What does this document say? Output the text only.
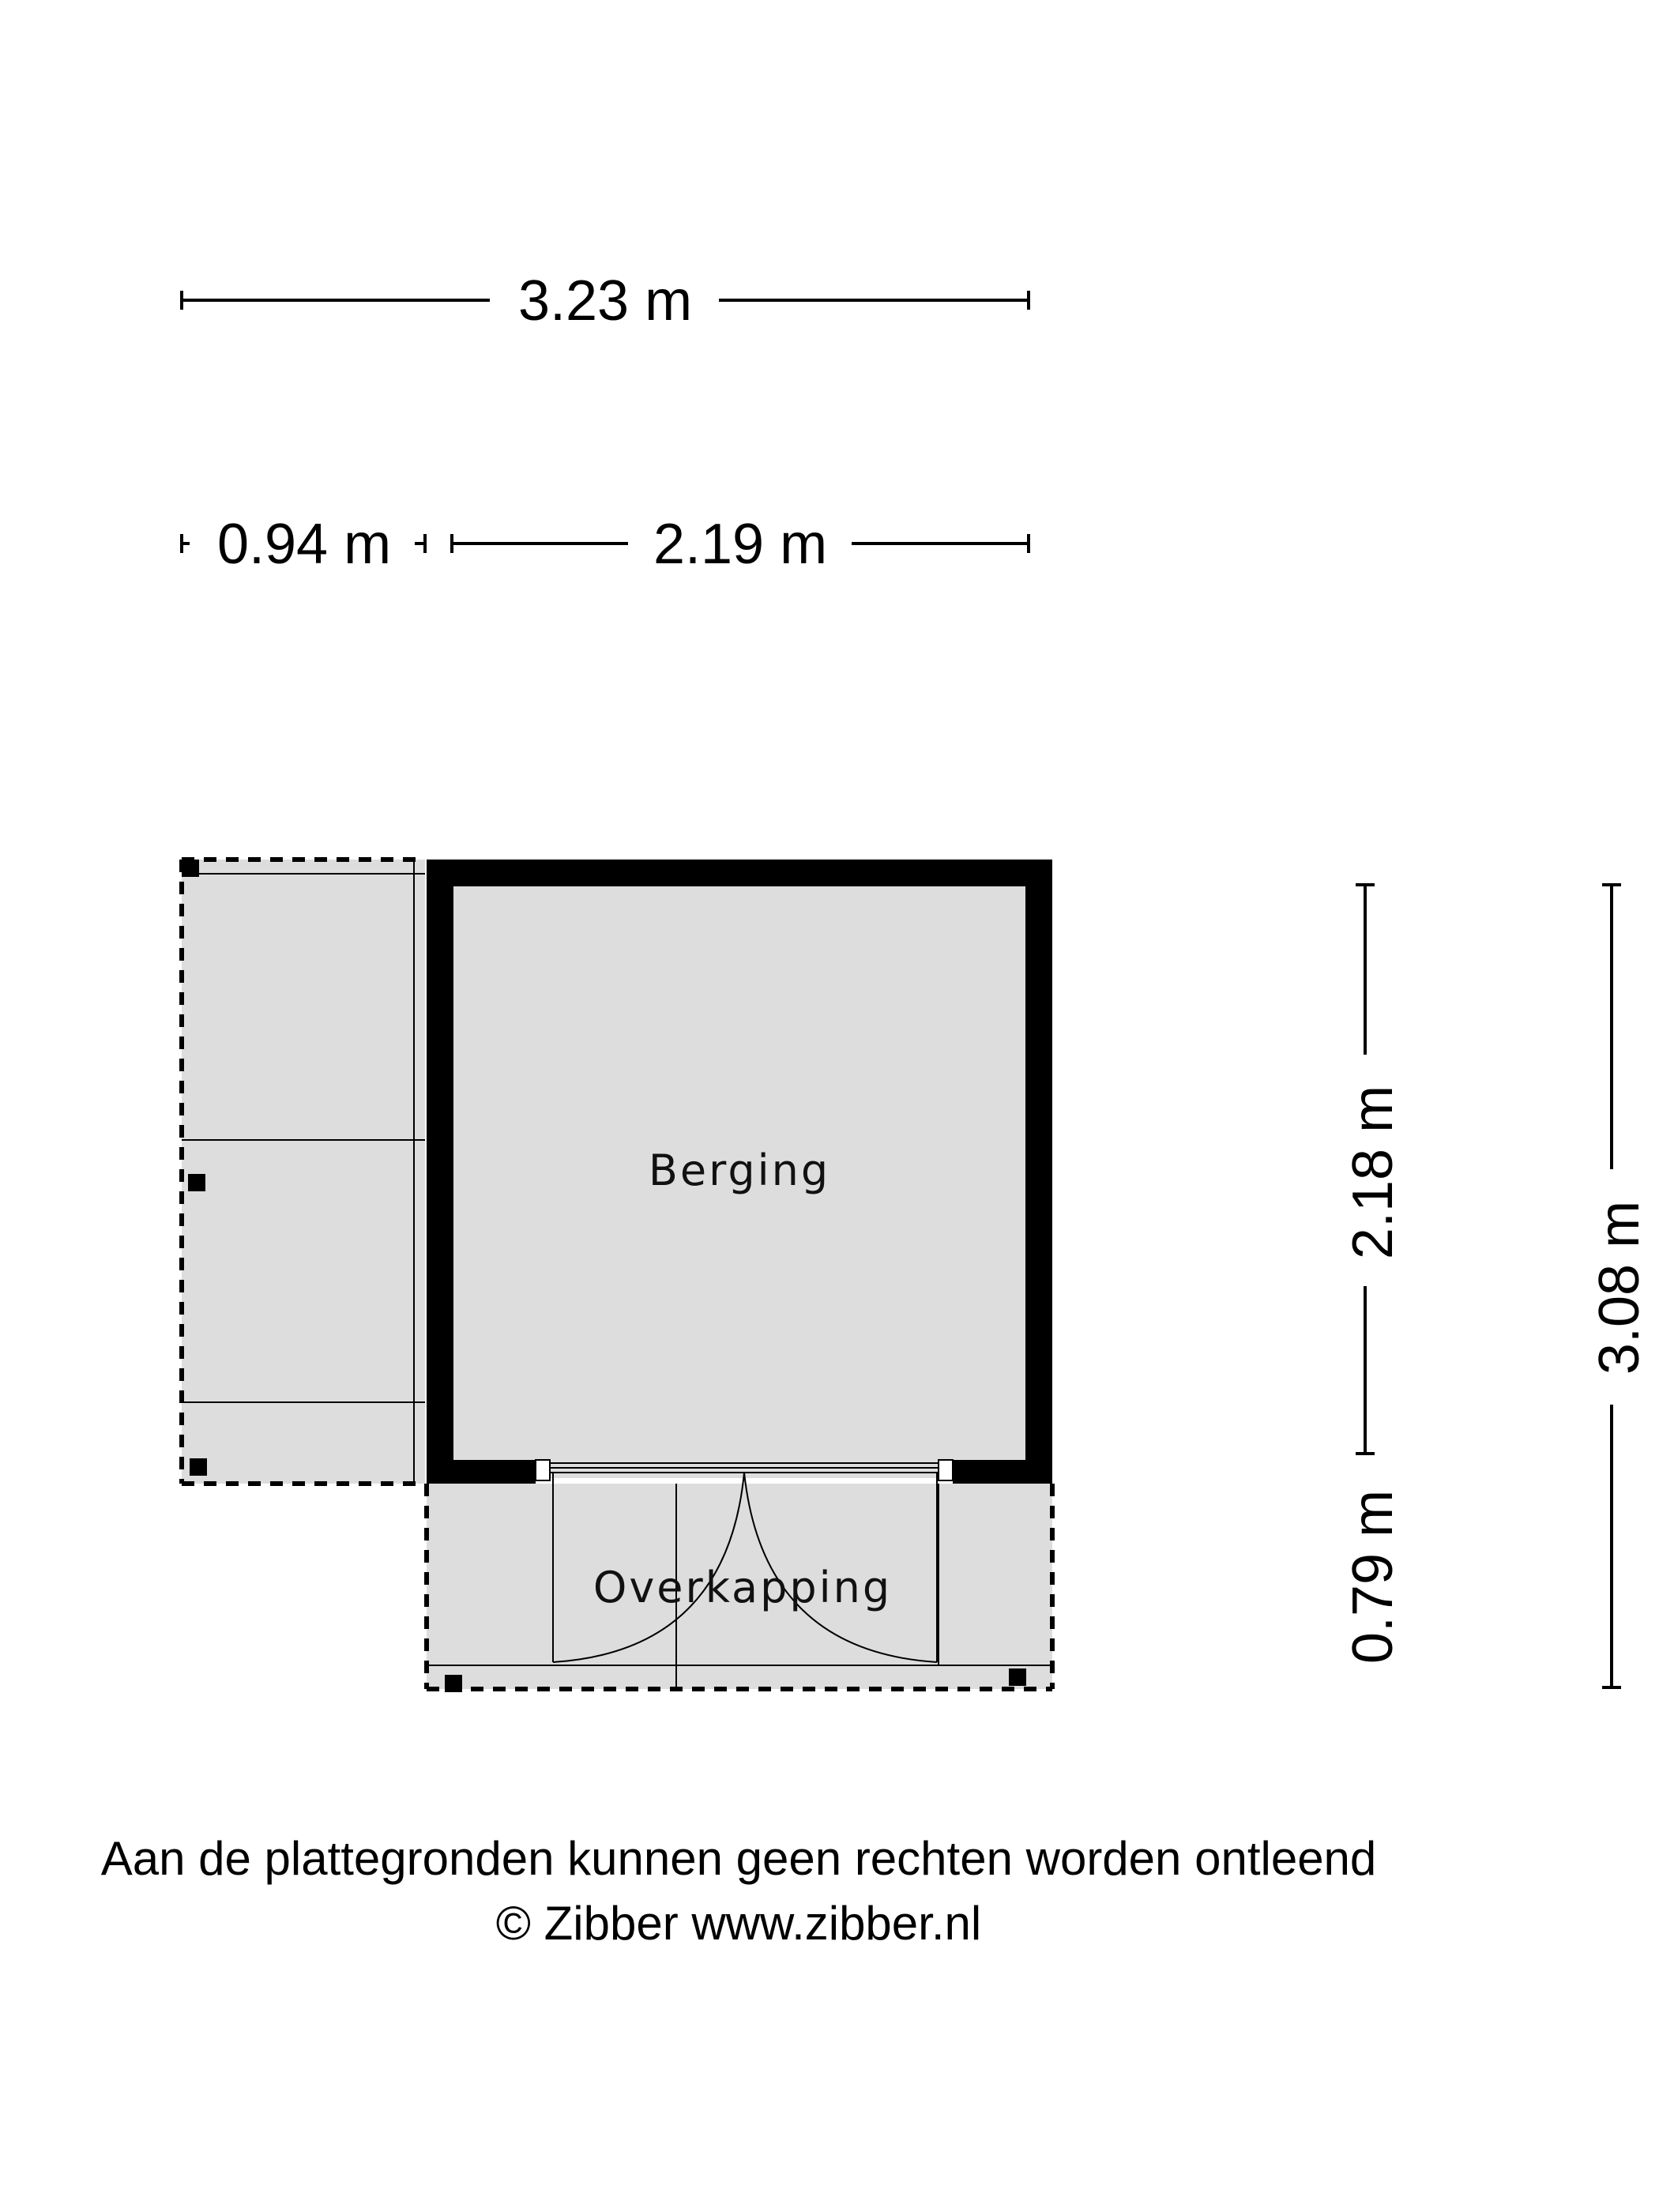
3.23 m
0.94 m	2.19 m
Berging
Overkapping
2.18 m
0.79 m
3.08 m
Aan de plattegronden kunnen geen rechten worden ontleend
© Zibber www.zibber.nl
